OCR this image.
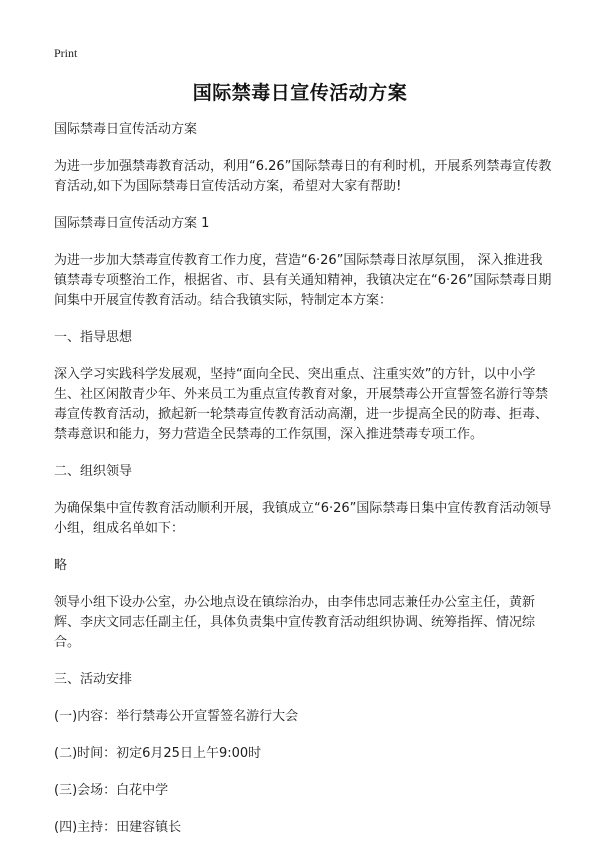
Print
国际禁毒日宣传活动方案

国际禁毒日宣传活动方案

为进一步加强禁毒教育活动，利用“6.26”国际禁毒日的有利时机，开展系列禁毒宣传教育活动,如下为国际禁毒日宣传活动方案，希望对大家有帮助!

国际禁毒日宣传活动方案 1

为进一步加大禁毒宣传教育工作力度，营造“6·26”国际禁毒日浓厚氛围， 深入推进我镇禁毒专项整治工作，根据省、市、县有关通知精神，我镇决定在“6·26”国际禁毒日期间集中开展宣传教育活动。结合我镇实际，特制定本方案：

一、指导思想

深入学习实践科学发展观，坚持“面向全民、突出重点、注重实效”的方针，以中小学生、社区闲散青少年、外来员工为重点宣传教育对象，开展禁毒公开宣誓签名游行等禁毒宣传教育活动，掀起新一轮禁毒宣传教育活动高潮，进一步提高全民的防毒、拒毒、禁毒意识和能力，努力营造全民禁毒的工作氛围，深入推进禁毒专项工作。

二、组织领导

为确保集中宣传教育活动顺利开展，我镇成立“6·26”国际禁毒日集中宣传教育活动领导小组，组成名单如下：

略

领导小组下设办公室，办公地点设在镇综治办，由李伟忠同志兼任办公室主任，黄新辉、李庆文同志任副主任，具体负责集中宣传教育活动组织协调、统筹指挥、情况综合。

三、活动安排

(一)内容：举行禁毒公开宣誓签名游行大会

(二)时间：初定6月25日上午9:00时

(三)会场：白花中学

(四)主持：田建容镇长
